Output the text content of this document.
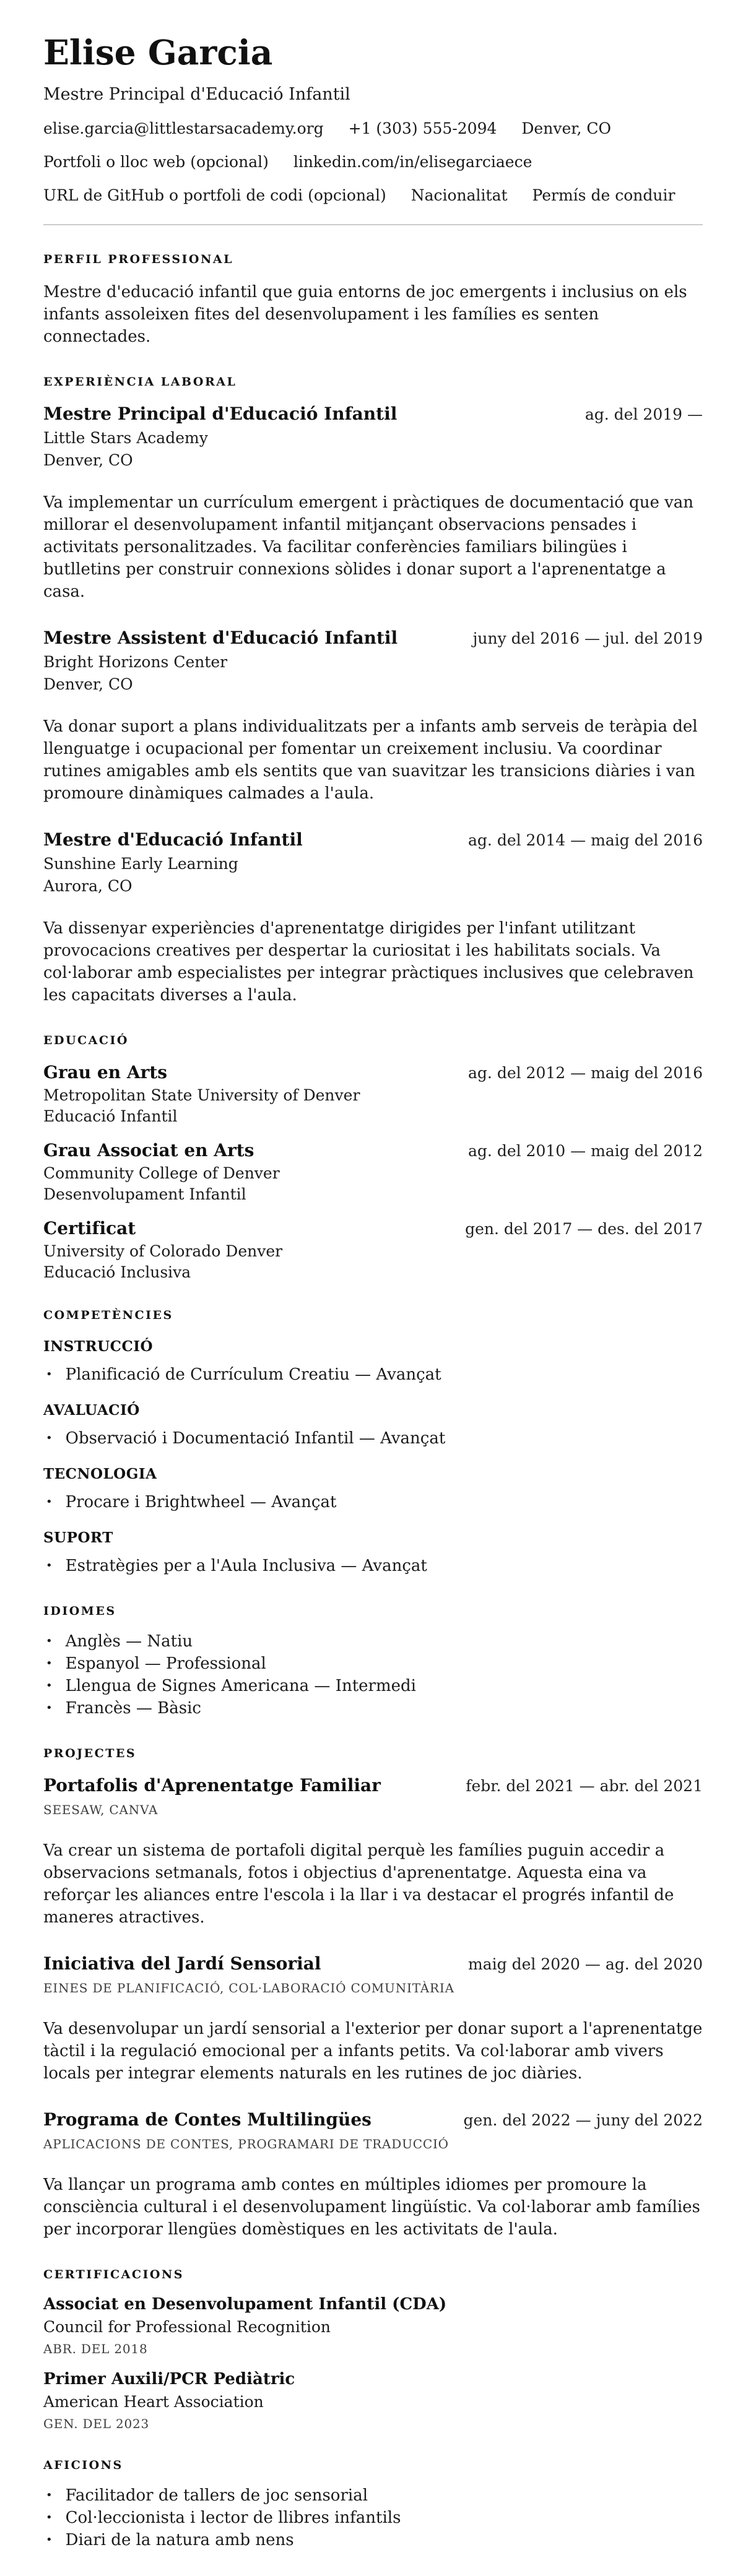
Elise Garcia
Mestre Principal d'Educació Infantil
elise.garcia@littlestarsacademy.org +1 (303) 555-2094 Denver, CO
Portfoli o lloc web (opcional) linkedin.com/in/elisegarciaece
URL de GitHub o portfoli de codi (opcional) Nacionalitat Permís de conduir
PERFIL PROFESSIONAL

Mestre d'educació infantil que guia entorns de joc emergents i inclusius on els infants assoleixen fites del desenvolupament i les famílies es senten connectades.

EXPERIÈNCIA LABORAL
Mestre Principal d'Educació Infantil	ag. del 2019 —
Little Stars Academy
Denver, CO

Va implementar un currículum emergent i pràctiques de documentació que van millorar el desenvolupament infantil mitjançant observacions pensades i activitats personalitzades. Va facilitar conferències familiars bilingües i butlletins per construir connexions sòlides i donar suport a l'aprenentatge a casa.

Mestre Assistent d'Educació Infantil	juny del 2016 — jul. del 2019
Bright Horizons Center
Denver, CO

Va donar suport a plans individualitzats per a infants amb serveis de teràpia del llenguatge i ocupacional per fomentar un creixement inclusiu. Va coordinar rutines amigables amb els sentits que van suavitzar les transicions diàries i van promoure dinàmiques calmades a l'aula.

Mestre d'Educació Infantil	ag. del 2014 — maig del 2016
Sunshine Early Learning
Aurora, CO

Va dissenyar experiències d'aprenentatge dirigides per l'infant utilitzant provocacions creatives per despertar la curiositat i les habilitats socials. Va col·laborar amb especialistes per integrar pràctiques inclusives que celebraven les capacitats diverses a l'aula.

EDUCACIÓ
Grau en Arts	ag. del 2012 — maig del 2016
Metropolitan State University of Denver
Educació Infantil
Grau Associat en Arts	ag. del 2010 — maig del 2012
Community College of Denver
Desenvolupament Infantil
Certificat	gen. del 2017 — des. del 2017
University of Colorado Denver
Educació Inclusiva
COMPETÈNCIES
INSTRUCCIÓ
• Planificació de Currículum Creatiu — Avançat
AVALUACIÓ
• Observació i Documentació Infantil — Avançat
TECNOLOGIA
• Procare i Brightwheel — Avançat
SUPORT
• Estratègies per a l'Aula Inclusiva — Avançat
IDIOMES
• Anglès — Natiu
• Espanyol — Professional
• Llengua de Signes Americana — Intermedi
• Francès — Bàsic
PROJECTES
Portafolis d'Aprenentatge Familiar	febr. del 2021 — abr. del 2021
SEESAW, CANVA

Va crear un sistema de portafoli digital perquè les famílies puguin accedir a observacions setmanals, fotos i objectius d'aprenentatge. Aquesta eina va reforçar les aliances entre l'escola i la llar i va destacar el progrés infantil de maneres atractives.

Iniciativa del Jardí Sensorial	maig del 2020 — ag. del 2020
EINES DE PLANIFICACIÓ, COL·LABORACIÓ COMUNITÀRIA

Va desenvolupar un jardí sensorial a l'exterior per donar suport a l'aprenentatge tàctil i la regulació emocional per a infants petits. Va col·laborar amb vivers locals per integrar elements naturals en les rutines de joc diàries.

Programa de Contes Multilingües	gen. del 2022 — juny del 2022
APLICACIONS DE CONTES, PROGRAMARI DE TRADUCCIÓ

Va llançar un programa amb contes en múltiples idiomes per promoure la consciència cultural i el desenvolupament lingüístic. Va col·laborar amb famílies per incorporar llengües domèstiques en les activitats de l'aula.

CERTIFICACIONS
Associat en Desenvolupament Infantil (CDA)
Council for Professional Recognition
ABR. DEL 2018
Primer Auxili/PCR Pediàtric
American Heart Association
GEN. DEL 2023
AFICIONS
• Facilitador de tallers de joc sensorial
• Col·leccionista i lector de llibres infantils
• Diari de la natura amb nens
